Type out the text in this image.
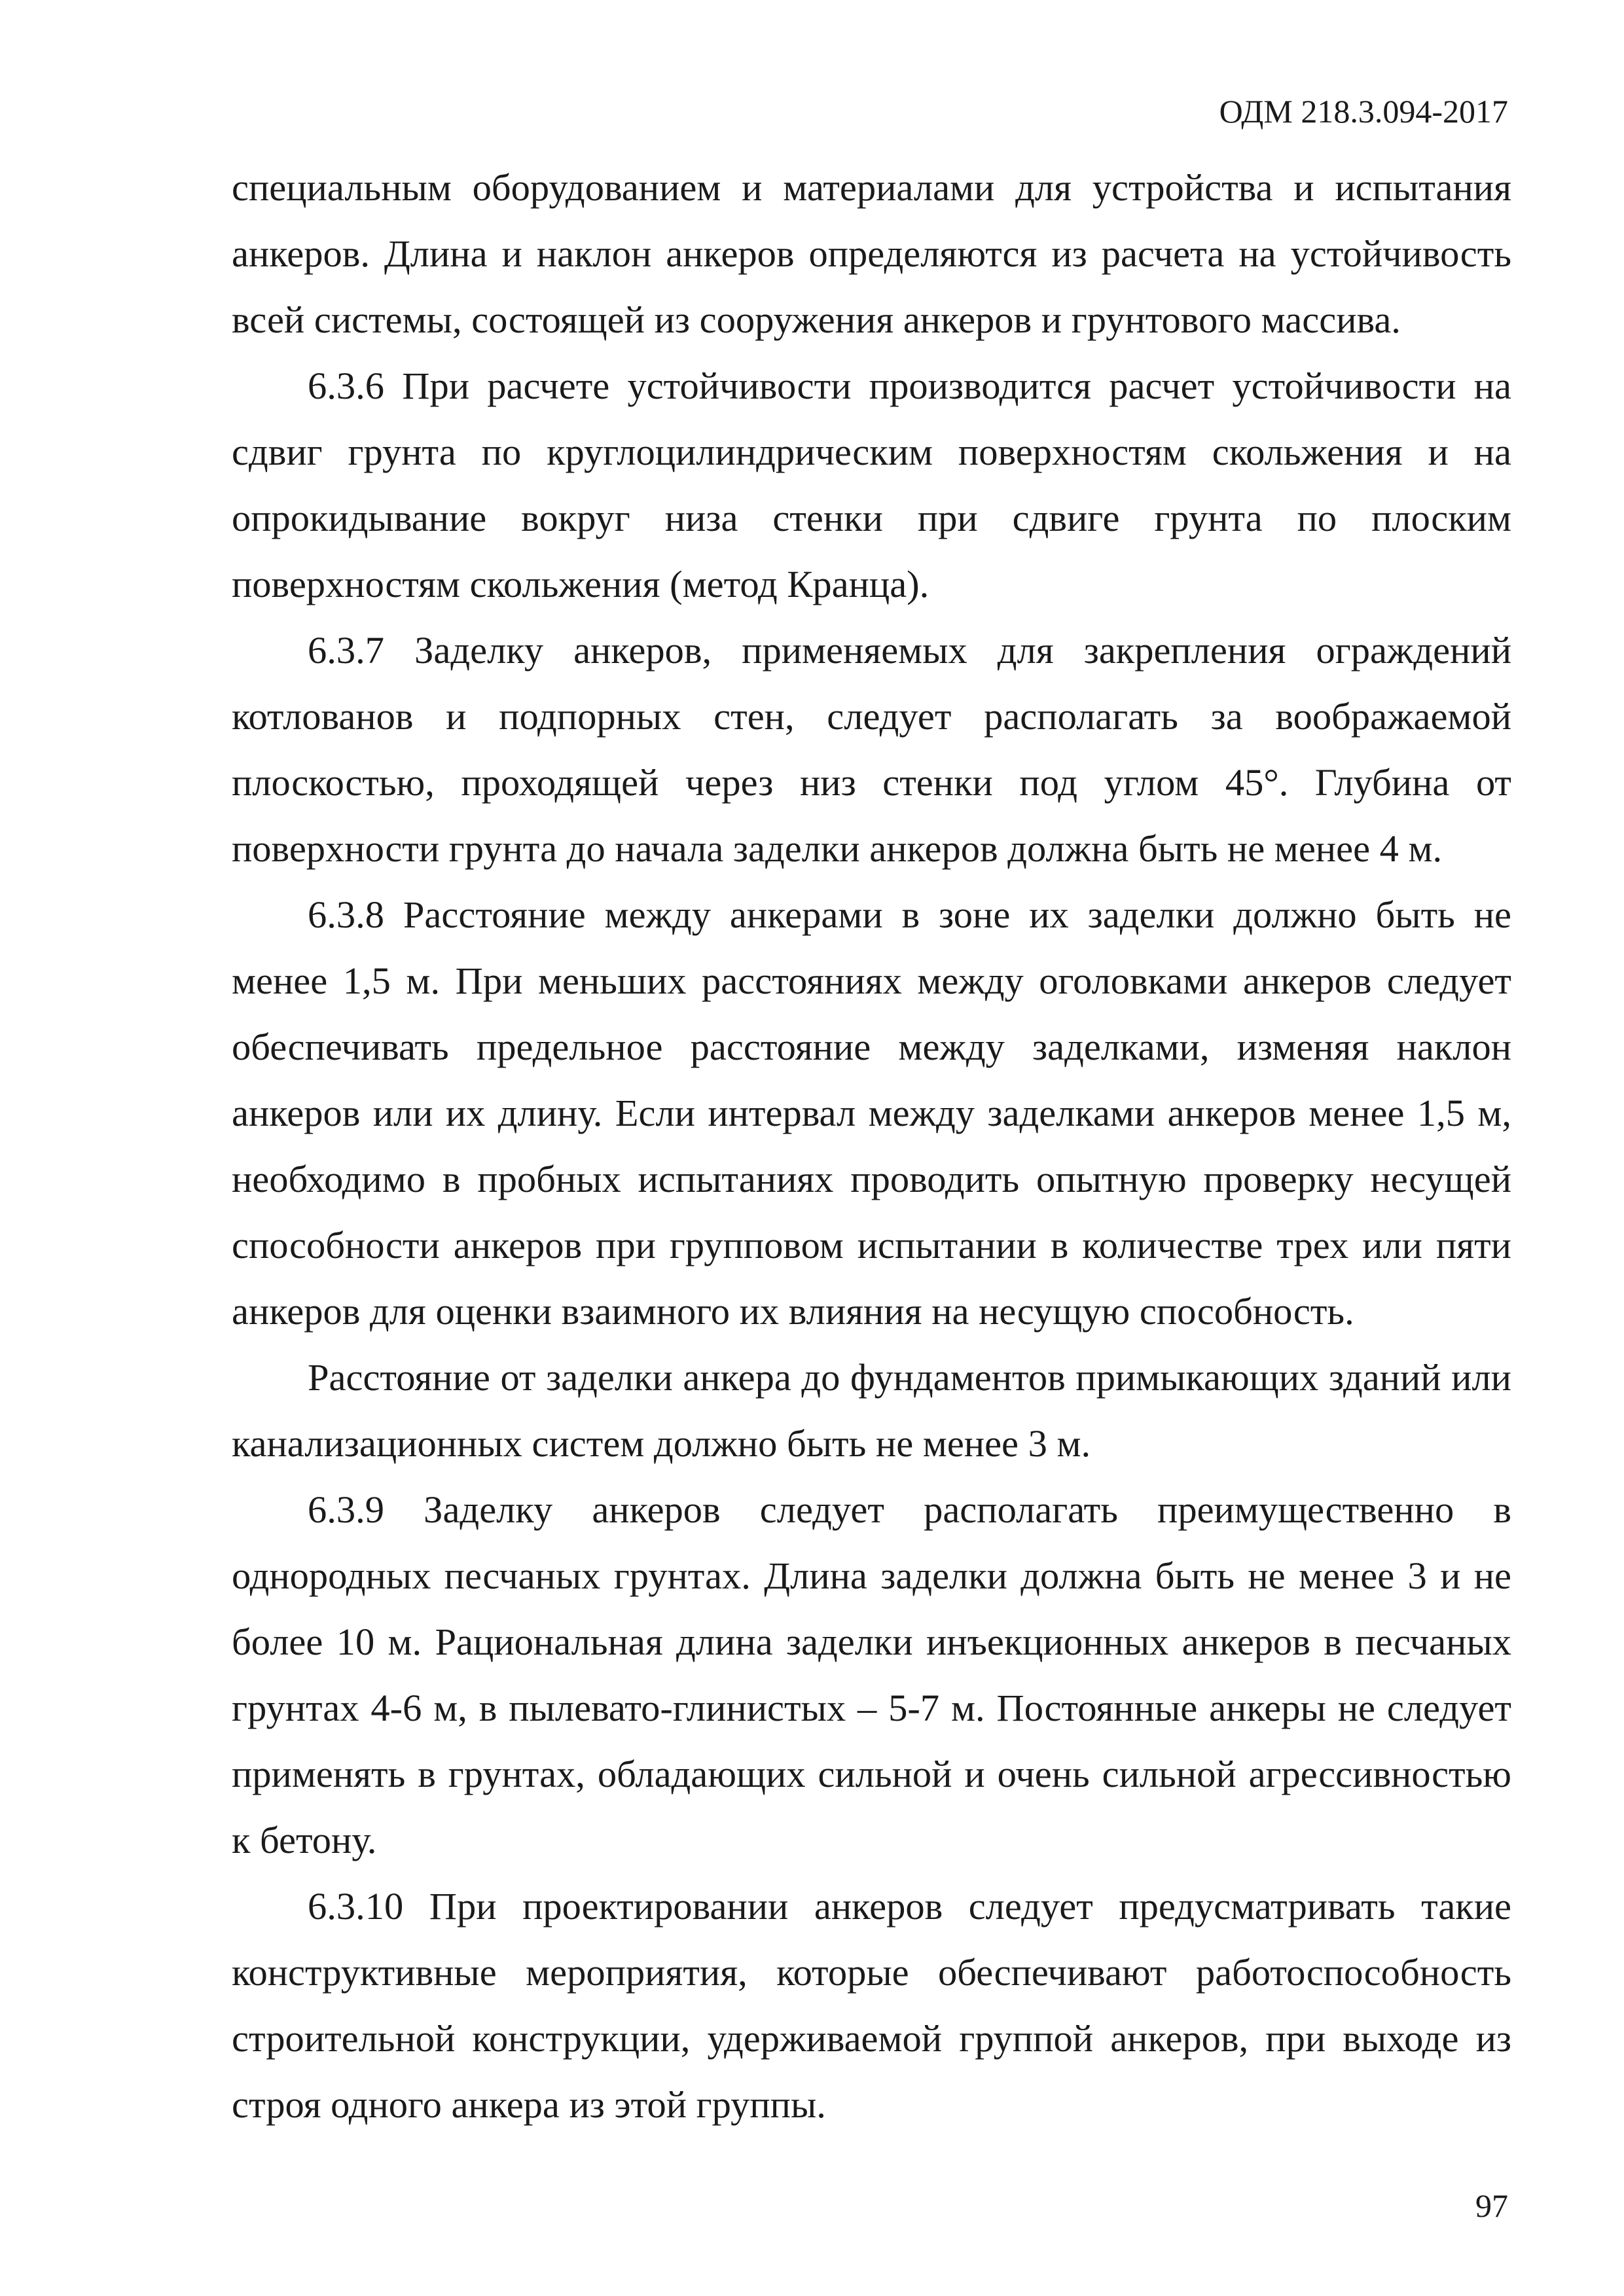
ОДМ 218.3.094-2017

специальным оборудованием и материалами для устройства и испытания анкеров. Длина и наклон анкеров определяются из расчета на устойчивость всей системы, состоящей из сооружения анкеров и грунтового массива.

6.3.6 При расчете устойчивости производится расчет устойчивости на сдвиг грунта по круглоцилиндрическим поверхностям скольжения и на опрокидывание вокруг низа стенки при сдвиге грунта по плоским поверхностям скольжения (метод Кранца).

6.3.7 Заделку анкеров, применяемых для закрепления ограждений котлованов и подпорных стен, следует располагать за воображаемой плоскостью, проходящей через низ стенки под углом 45°. Глубина от поверхности грунта до начала заделки анкеров должна быть не менее 4 м.

6.3.8 Расстояние между анкерами в зоне их заделки должно быть не менее 1,5 м. При меньших расстояниях между оголовками анкеров следует обеспечивать предельное расстояние между заделками, изменяя наклон анкеров или их длину. Если интервал между заделками анкеров менее 1,5 м, необходимо в пробных испытаниях проводить опытную проверку несущей способности анкеров при групповом испытании в количестве трех или пяти анкеров для оценки взаимного их влияния на несущую способность.

Расстояние от заделки анкера до фундаментов примыкающих зданий или канализационных систем должно быть не менее 3 м.

6.3.9 Заделку анкеров следует располагать преимущественно в однородных песчаных грунтах. Длина заделки должна быть не менее 3 и не более 10 м. Рациональная длина заделки инъекционных анкеров в песчаных грунтах 4-6 м, в пылевато-глинистых – 5-7 м. Постоянные анкеры не следует применять в грунтах, обладающих сильной и очень сильной агрессивностью к бетону.

6.3.10 При проектировании анкеров следует предусматривать такие конструктивные мероприятия, которые обеспечивают работоспособность строительной конструкции, удерживаемой группой анкеров, при выходе из строя одного анкера из этой группы.

97
